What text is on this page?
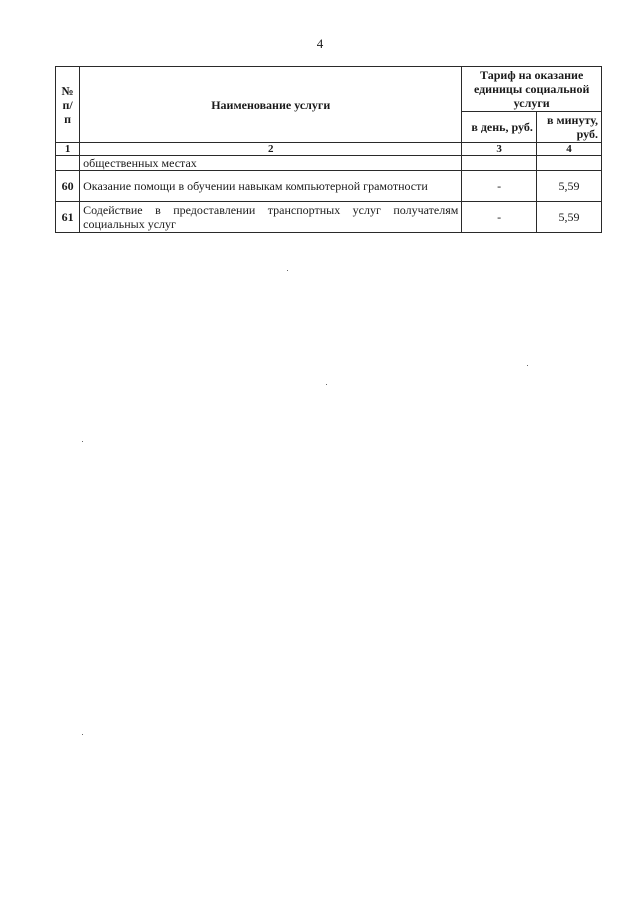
4
№ п/п	Наименование услуги	Тариф на оказание единицы социальной услуги	
		в день, руб.	в минуту, руб.
1	2	3	4
	общественных местах		
60	Оказание помощи в обучении навыкам компьютерной грамотности	-	5,59
61	Содействие в предоставлении транспортных услуг получателям социальных услуг	-	5,59
